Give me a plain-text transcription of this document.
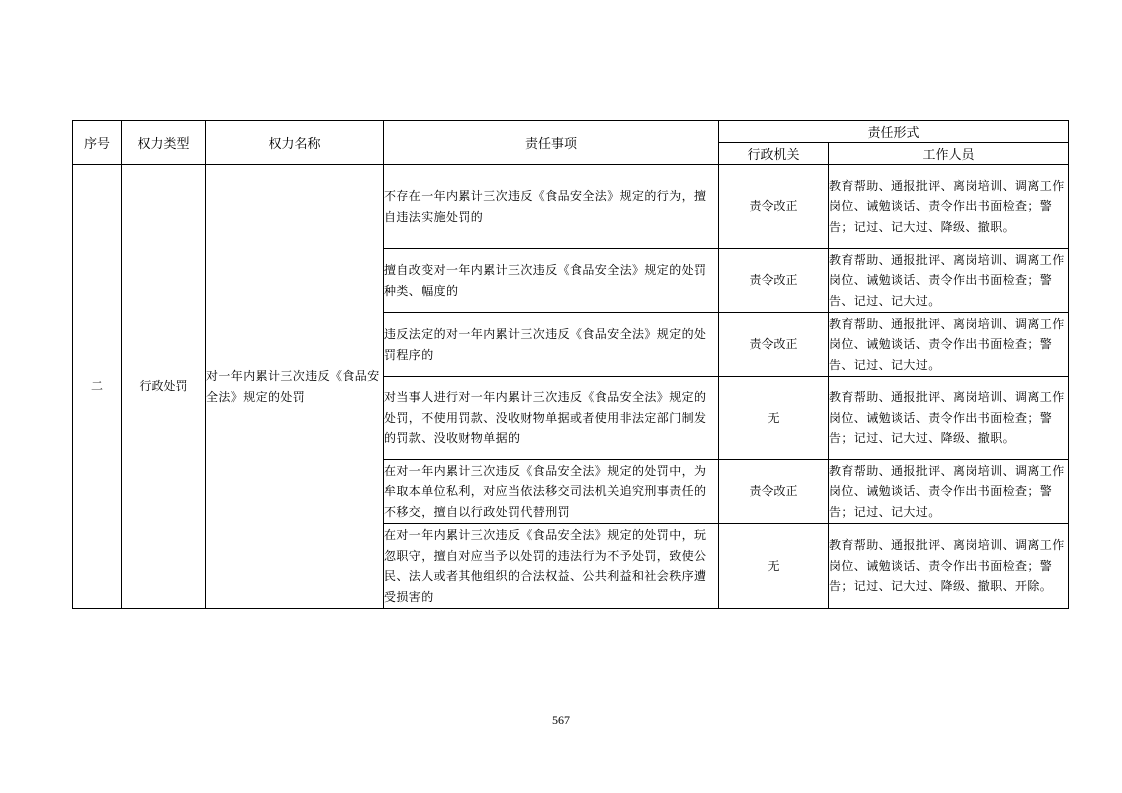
序号	权力类型	权力名称	责任事项	责任形式	
				行政机关	工作人员
二	行政处罚	对一年内累计三次违反《食品安全法》规定的处罚	不存在一年内累计三次违反《食品安全法》规定的行为，擅自违法实施处罚的	责令改正	教育帮助、通报批评、离岗培训、调离工作岗位、诫勉谈话、责令作出书面检查；警告；记过、记大过、降级、撤职。
			擅自改变对一年内累计三次违反《食品安全法》规定的处罚种类、幅度的	责令改正	教育帮助、通报批评、离岗培训、调离工作岗位、诫勉谈话、责令作出书面检查；警告、记过、记大过。
			违反法定的对一年内累计三次违反《食品安全法》规定的处罚程序的	责令改正	教育帮助、通报批评、离岗培训、调离工作岗位、诫勉谈话、责令作出书面检查；警告、记过、记大过。
			对当事人进行对一年内累计三次违反《食品安全法》规定的处罚，不使用罚款、没收财物单据或者使用非法定部门制发的罚款、没收财物单据的	无	教育帮助、通报批评、离岗培训、调离工作岗位、诫勉谈话、责令作出书面检查；警告；记过、记大过、降级、撤职。
			在对一年内累计三次违反《食品安全法》规定的处罚中，为牟取本单位私利，对应当依法移交司法机关追究刑事责任的不移交，擅自以行政处罚代替刑罚	责令改正	教育帮助、通报批评、离岗培训、调离工作岗位、诫勉谈话、责令作出书面检查；警告；记过、记大过。
			在对一年内累计三次违反《食品安全法》规定的处罚中，玩忽职守，擅自对应当予以处罚的违法行为不予处罚，致使公民、法人或者其他组织的合法权益、公共利益和社会秩序遭受损害的	无	教育帮助、通报批评、离岗培训、调离工作岗位、诫勉谈话、责令作出书面检查；警告；记过、记大过、降级、撤职、开除。
567
